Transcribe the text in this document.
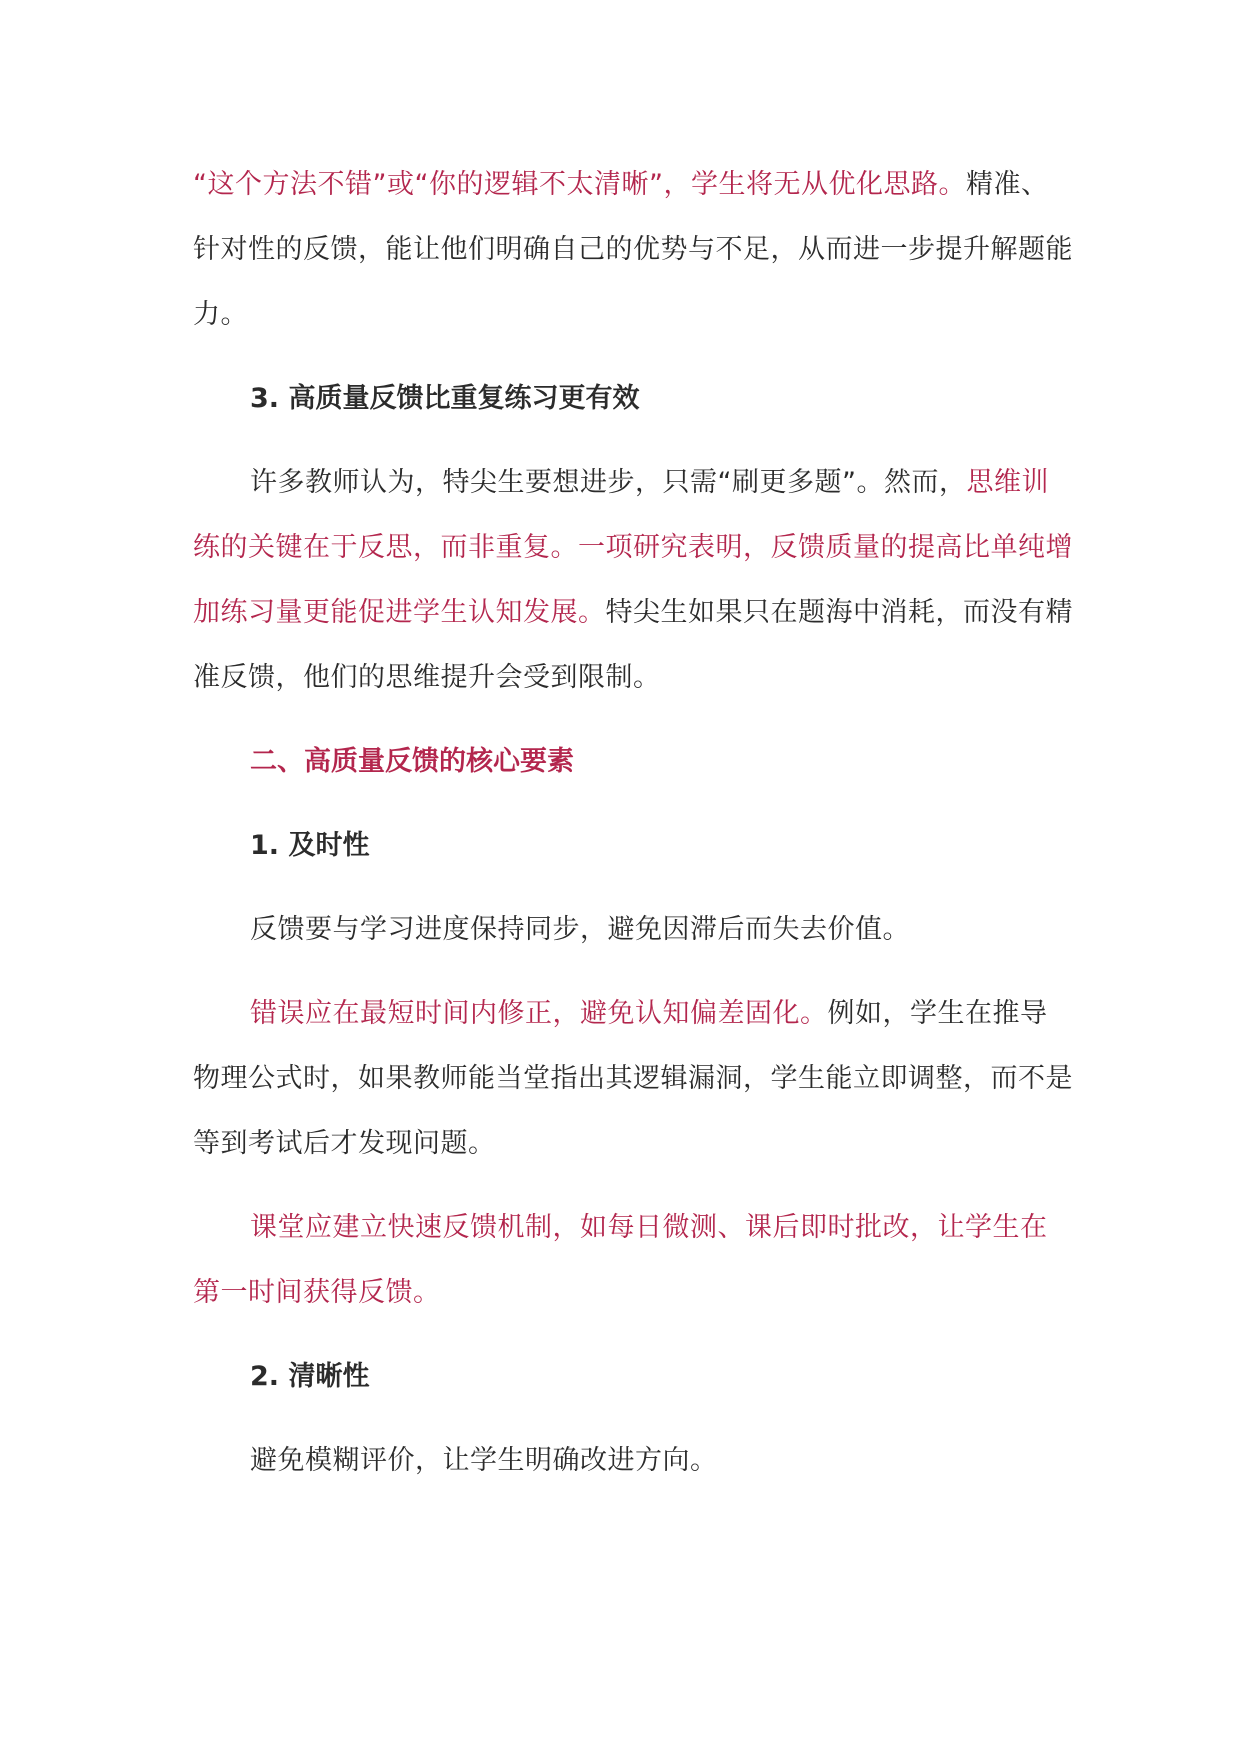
“这个方法不错”或“你的逻辑不太清晰”，学生将无从优化思路。精准、针对性的反馈，能让他们明确自己的优势与不足，从而进一步提升解题能力。

3. 高质量反馈比重复练习更有效

许多教师认为，特尖生要想进步，只需“刷更多题”。然而，思维训练的关键在于反思，而非重复。一项研究表明，反馈质量的提高比单纯增加练习量更能促进学生认知发展。特尖生如果只在题海中消耗，而没有精准反馈，他们的思维提升会受到限制。

二、高质量反馈的核心要素
1. 及时性

反馈要与学习进度保持同步，避免因滞后而失去价值。

错误应在最短时间内修正，避免认知偏差固化。例如，学生在推导物理公式时，如果教师能当堂指出其逻辑漏洞，学生能立即调整，而不是等到考试后才发现问题。

课堂应建立快速反馈机制，如每日微测、课后即时批改，让学生在第一时间获得反馈。

2. 清晰性

避免模糊评价，让学生明确改进方向。
